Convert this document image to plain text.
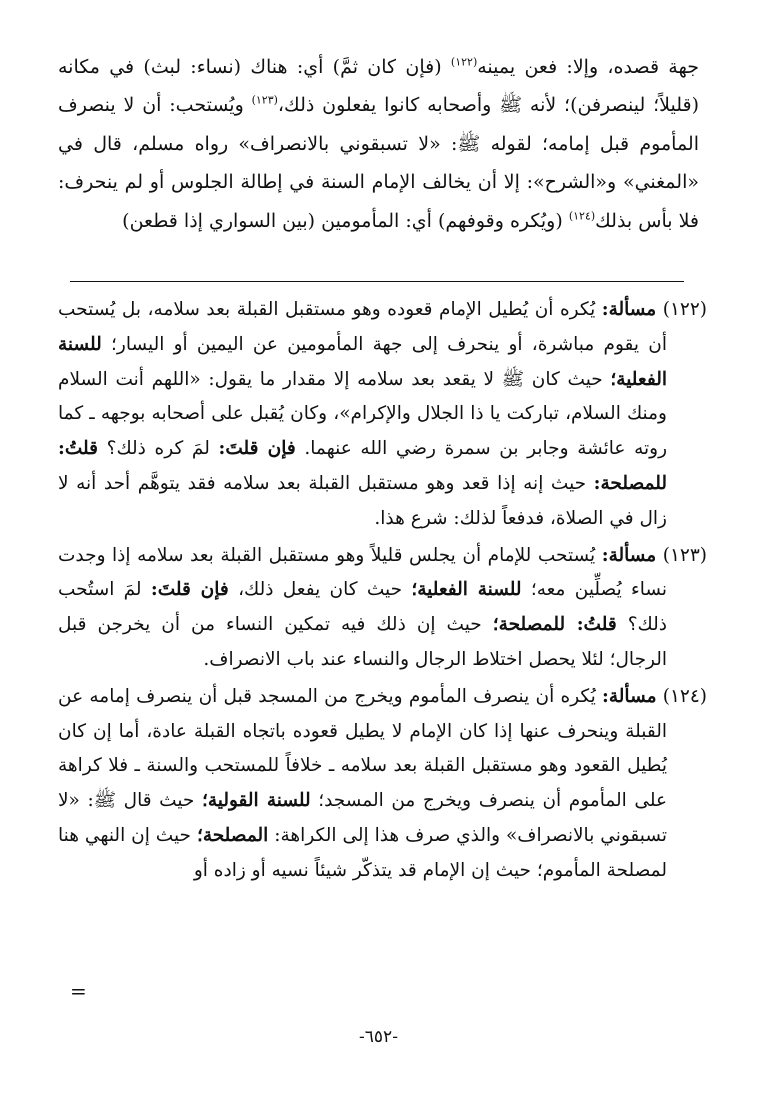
جهة قصده، وإلا: فعن يمينه$^{(١٢٢)}$ (فإن كان ثمَّ) أي: هناك (نساء: لبث) في مكانه (قليلاً؛ لينصرفن)؛ لأنه ﷺ وأصحابه كانوا يفعلون ذلك،$^{(١٢٣)}$ ويُستحب: أن لا ينصرف المأموم قبل إمامه؛ لقوله ﷺ: «لا تسبقوني بالانصراف» رواه مسلم، قال في «المغني» و«الشرح»: إلا أن يخالف الإمام السنة في إطالة الجلوس أو لم ينحرف: فلا بأس بذلك$^{(١٢٤)}$ (ويُكره وقوفهم) أي: المأمومين (بين السواري إذا قطعن)

(١٢٢) مسألة: يُكره أن يُطيل الإمام قعوده وهو مستقبل القبلة بعد سلامه، بل يُستحب أن يقوم مباشرة، أو ينحرف إلى جهة المأمومين عن اليمين أو اليسار؛ للسنة الفعلية؛ حيث كان ﷺ لا يقعد بعد سلامه إلا مقدار ما يقول: «اللهم أنت السلام ومنك السلام، تباركت يا ذا الجلال والإكرام»، وكان يُقبل على أصحابه بوجهه ـ كما روته عائشة وجابر بن سمرة رضي الله عنهما. فإن قلتَ: لمَ كره ذلك؟ قلتُ: للمصلحة: حيث إنه إذا قعد وهو مستقبل القبلة بعد سلامه فقد يتوهَّم أحد أنه لا زال في الصلاة، فدفعاً لذلك: شرع هذا.

(١٢٣) مسألة: يُستحب للإمام أن يجلس قليلاً وهو مستقبل القبلة بعد سلامه إذا وجدت نساء يُصلِّين معه؛ للسنة الفعلية؛ حيث كان يفعل ذلك، فإن قلتَ: لمَ استُحب ذلك؟ قلتُ: للمصلحة؛ حيث إن ذلك فيه تمكين النساء من أن يخرجن قبل الرجال؛ لئلا يحصل اختلاط الرجال والنساء عند باب الانصراف.

(١٢٤) مسألة: يُكره أن ينصرف المأموم ويخرج من المسجد قبل أن ينصرف إمامه عن القبلة وينحرف عنها إذا كان الإمام لا يطيل قعوده باتجاه القبلة عادة، أما إن كان يُطيل القعود وهو مستقبل القبلة بعد سلامه ـ خلافاً للمستحب والسنة ـ فلا كراهة على المأموم أن ينصرف ويخرج من المسجد؛ للسنة القولية؛ حيث قال ﷺ: «لا تسبقوني بالانصراف» والذي صرف هذا إلى الكراهة: المصلحة؛ حيث إن النهي هنا لمصلحة المأموم؛ حيث إن الإمام قد يتذكّر شيئاً نسيه أو زاده أو

=
-٦٥٢-
